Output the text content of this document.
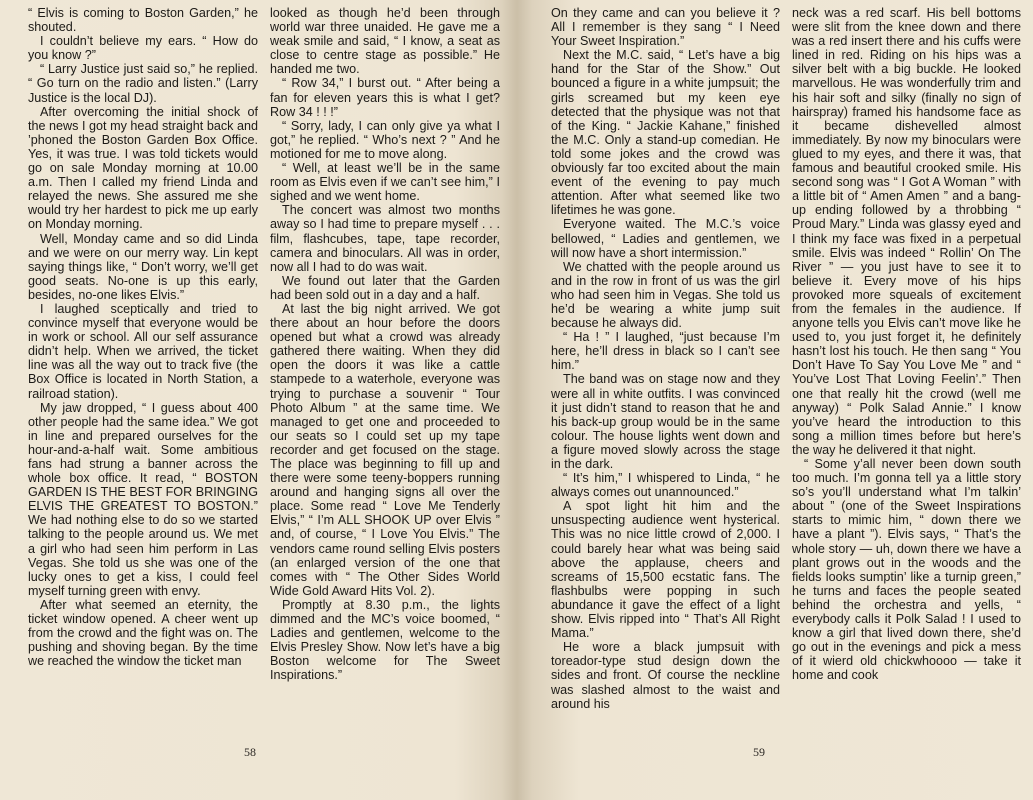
“ Elvis is coming to Boston Garden,” he shouted.

I couldn’t believe my ears. “ How do you know ?”

“ Larry Justice just said so,” he replied. “ Go turn on the radio and listen.” (Larry Justice is the local DJ).

After overcoming the initial shock of the news I got my head straight back and ’phoned the Boston Garden Box Office. Yes, it was true. I was told tickets would go on sale Monday morning at 10.00 a.m. Then I called my friend Linda and relayed the news. She assured me she would try her hardest to pick me up early on Monday morning.

Well, Monday came and so did Linda and we were on our merry way. Lin kept saying things like, “ Don’t worry, we’ll get good seats. No-one is up this early, besides, no-one likes Elvis.”

I laughed sceptically and tried to convince myself that everyone would be in work or school. All our self assurance didn’t help. When we arrived, the ticket line was all the way out to track five (the Box Office is located in North Station, a railroad station).

My jaw dropped, “ I guess about 400 other people had the same idea.” We got in line and prepared ourselves for the hour-and-a-half wait. Some ambitious fans had strung a banner across the whole box office. It read, “ BOSTON GARDEN IS THE BEST FOR BRINGING ELVIS THE GREATEST TO BOSTON.” We had nothing else to do so we started talking to the people around us. We met a girl who had seen him perform in Las Vegas. She told us she was one of the lucky ones to get a kiss, I could feel myself turning green with envy.

After what seemed an eternity, the ticket window opened. A cheer went up from the crowd and the fight was on. The pushing and shoving began. By the time we reached the window the ticket man

looked as though he’d been through world war three unaided. He gave me a weak smile and said, “ I know, a seat as close to centre stage as possible.” He handed me two.

“ Row 34,” I burst out. “ After being a fan for eleven years this is what I get? Row 34 ! ! !”

“ Sorry, lady, I can only give ya what I got,” he replied. “ Who’s next ? ” And he motioned for me to move along.

“ Well, at least we’ll be in the same room as Elvis even if we can’t see him,” I sighed and we went home.

The concert was almost two months away so I had time to prepare myself . . . film, flashcubes, tape, tape recorder, camera and binoculars. All was in order, now all I had to do was wait.

We found out later that the Garden had been sold out in a day and a half.

At last the big night arrived. We got there about an hour before the doors opened but what a crowd was already gathered there waiting. When they did open the doors it was like a cattle stampede to a waterhole, everyone was trying to purchase a souvenir “ Tour Photo Album ” at the same time. We managed to get one and proceeded to our seats so I could set up my tape recorder and get focused on the stage. The place was beginning to fill up and there were some teeny-boppers running around and hanging signs all over the place. Some read “ Love Me Tenderly Elvis,” “ I’m ALL SHOOK UP over Elvis ” and, of course, “ I Love You Elvis.” The vendors came round selling Elvis posters (an enlarged version of the one that comes with “ The Other Sides World Wide Gold Award Hits Vol. 2).

Promptly at 8.30 p.m., the lights dimmed and the MC’s voice boomed, “ Ladies and gentlemen, welcome to the Elvis Presley Show. Now let’s have a big Boston welcome for The Sweet Inspirations.”

58

On they came and can you believe it ? All I remember is they sang “ I Need Your Sweet Inspiration.”

Next the M.C. said, “ Let’s have a big hand for the Star of the Show.” Out bounced a figure in a white jumpsuit; the girls screamed but my keen eye detected that the physique was not that of the King. “ Jackie Kahane,” finished the M.C. Only a stand-up comedian. He told some jokes and the crowd was obviously far too excited about the main event of the evening to pay much attention. After what seemed like two lifetimes he was gone.

Everyone waited. The M.C.’s voice bellowed, “ Ladies and gentlemen, we will now have a short intermission.”

We chatted with the people around us and in the row in front of us was the girl who had seen him in Vegas. She told us he’d be wearing a white jump suit because he always did.

“ Ha ! ” I laughed, “just because I’m here, he’ll dress in black so I can’t see him.”

The band was on stage now and they were all in white outfits. I was convinced it just didn’t stand to reason that he and his back-up group would be in the same colour. The house lights went down and a figure moved slowly across the stage in the dark.

“ It’s him,” I whispered to Linda, “ he always comes out unannounced.”

A spot light hit him and the unsuspecting audience went hysterical. This was no nice little crowd of 2,000. I could barely hear what was being said above the applause, cheers and screams of 15,500 ecstatic fans. The flashbulbs were popping in such abundance it gave the effect of a light show. Elvis ripped into “ That’s All Right Mama.”

He wore a black jumpsuit with toreador-type stud design down the sides and front. Of course the neckline was slashed almost to the waist and around his

neck was a red scarf. His bell bottoms were slit from the knee down and there was a red insert there and his cuffs were lined in red. Riding on his hips was a silver belt with a big buckle. He looked marvellous. He was wonderfully trim and his hair soft and silky (finally no sign of hairspray) framed his handsome face as it became dishevelled almost immediately. By now my binoculars were glued to my eyes, and there it was, that famous and beautiful crooked smile. His second song was “ I Got A Woman ” with a little bit of “ Amen Amen ” and a bang-up ending followed by a throbbing “ Proud Mary.” Linda was glassy eyed and I think my face was fixed in a perpetual smile. Elvis was indeed “ Rollin’ On The River ” — you just have to see it to believe it. Every move of his hips provoked more squeals of excitement from the females in the audience. If anyone tells you Elvis can’t move like he used to, you just forget it, he definitely hasn’t lost his touch. He then sang “ You Don’t Have To Say You Love Me ” and “ You’ve Lost That Loving Feelin’.” Then one that really hit the crowd (well me anyway) “ Polk Salad Annie.” I know you’ve heard the introduction to this song a million times before but here’s the way he delivered it that night.

“ Some y’all never been down south too much. I’m gonna tell ya a little story so’s you’ll understand what I’m talkin’ about ” (one of the Sweet Inspirations starts to mimic him, “ down there we have a plant ”). Elvis says, “ That’s the whole story — uh, down there we have a plant grows out in the woods and the fields looks sumptin’ like a turnip green,” he turns and faces the people seated behind the orchestra and yells, “ everybody calls it Polk Salad ! I used to know a girl that lived down there, she’d go out in the evenings and pick a mess of it wierd old chickwhoooo — take it home and cook

59
